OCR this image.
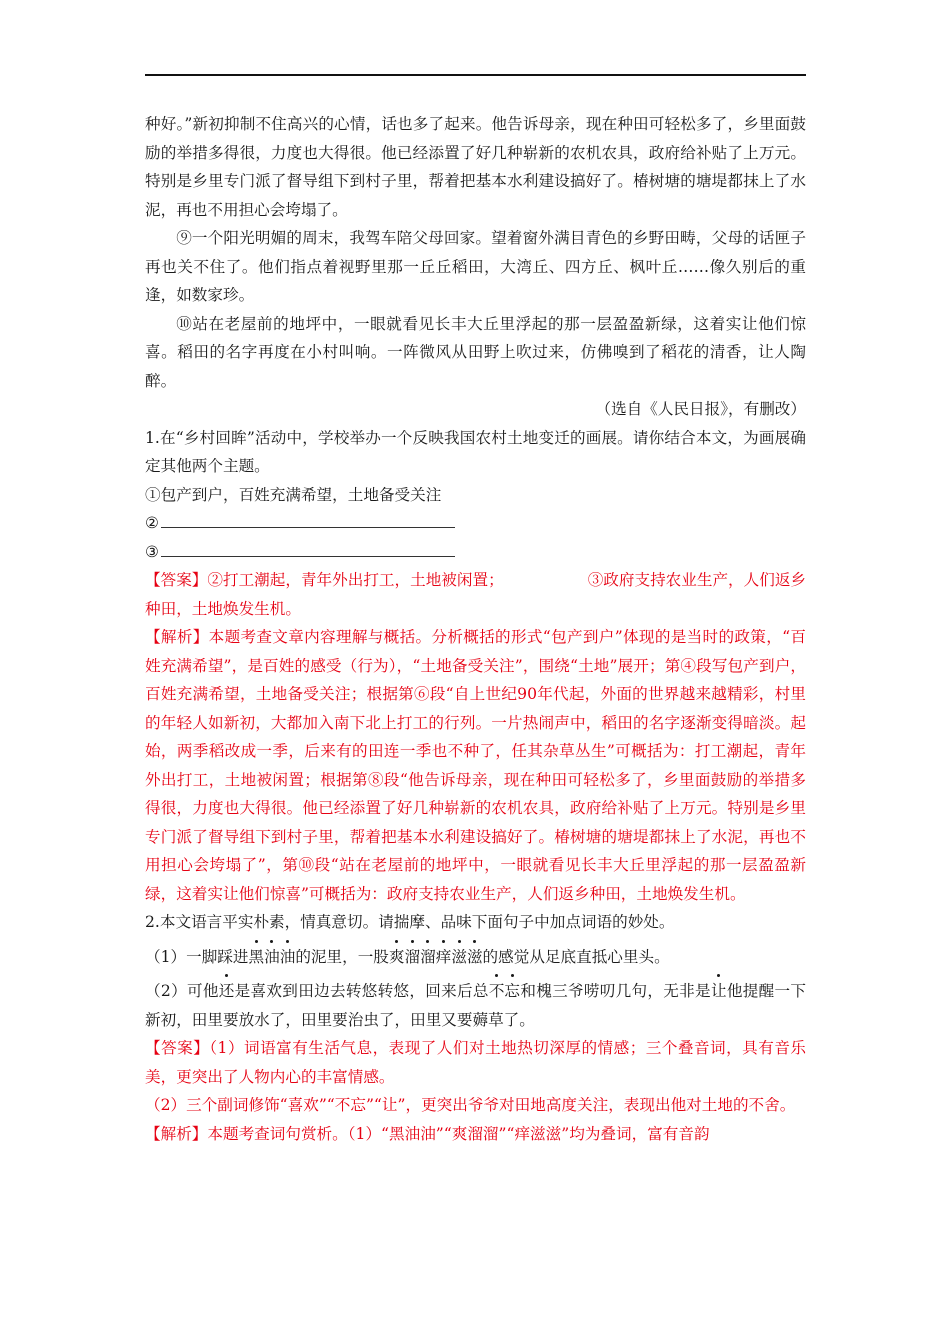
种好。”新初抑制不住高兴的心情，话也多了起来。他告诉母亲，现在种田可轻松多了，乡里面鼓励的举措多得很，力度也大得很。他已经添置了好几种崭新的农机农具，政府给补贴了上万元。特别是乡里专门派了督导组下到村子里，帮着把基本水利建设搞好了。椿树塘的塘堤都抹上了水泥，再也不用担心会垮塌了。

⑨一个阳光明媚的周末，我驾车陪父母回家。望着窗外满目青色的乡野田畴，父母的话匣子再也关不住了。他们指点着视野里那一丘丘稻田，大湾丘、四方丘、枫叶丘……像久别后的重逢，如数家珍。

⑩站在老屋前的地坪中，一眼就看见长丰大丘里浮起的那一层盈盈新绿，这着实让他们惊喜。稻田的名字再度在小村叫响。一阵微风从田野上吹过来，仿佛嗅到了稻花的清香，让人陶醉。

（选自《人民日报》，有删改）

1.在“乡村回眸”活动中，学校举办一个反映我国农村土地变迁的画展。请你结合本文，为画展确定其他两个主题。

①包产到户，百姓充满希望，土地备受关注

②

③

【答案】②打工潮起，青年外出打工，土地被闲置；	③政府支持农业生产，人们返乡种田，土地焕发生机。

【解析】本题考查文章内容理解与概括。分析概括的形式“包产到户”体现的是当时的政策，“百姓充满希望”，是百姓的感受（行为），“土地备受关注”，围绕“土地”展开；第④段写包产到户，百姓充满希望，土地备受关注；根据第⑥段“自上世纪90年代起，外面的世界越来越精彩，村里的年轻人如新初，大都加入南下北上打工的行列。一片热闹声中，稻田的名字逐渐变得暗淡。起始，两季稻改成一季，后来有的田连一季也不种了，任其杂草丛生”可概括为：打工潮起，青年外出打工，土地被闲置；根据第⑧段“他告诉母亲，现在种田可轻松多了，乡里面鼓励的举措多得很，力度也大得很。他已经添置了好几种崭新的农机农具，政府给补贴了上万元。特别是乡里专门派了督导组下到村子里，帮着把基本水利建设搞好了。椿树塘的塘堤都抹上了水泥，再也不用担心会垮塌了”，第⑩段“站在老屋前的地坪中，一眼就看见长丰大丘里浮起的那一层盈盈新绿，这着实让他们惊喜”可概括为：政府支持农业生产，人们返乡种田，土地焕发生机。

2.本文语言平实朴素，情真意切。请揣摩、品味下面句子中加点词语的妙处。

（1）一脚踩进黑油油的泥里，一股爽溜溜痒滋滋的感觉从足底直抵心里头。

（2）可他还是喜欢到田边去转悠转悠，回来后总不忘和槐三爷唠叨几句，无非是让他提醒一下新初，田里要放水了，田里要治虫了，田里又要薅草了。

【答案】（1）词语富有生活气息，表现了人们对土地热切深厚的情感；三个叠音词，具有音乐美，更突出了人物内心的丰富情感。

（2）三个副词修饰“喜欢”“不忘”“让”，更突出爷爷对田地高度关注，表现出他对土地的不舍。

【解析】本题考查词句赏析。（1）“黑油油”“爽溜溜”“痒滋滋”均为叠词，富有音韵
